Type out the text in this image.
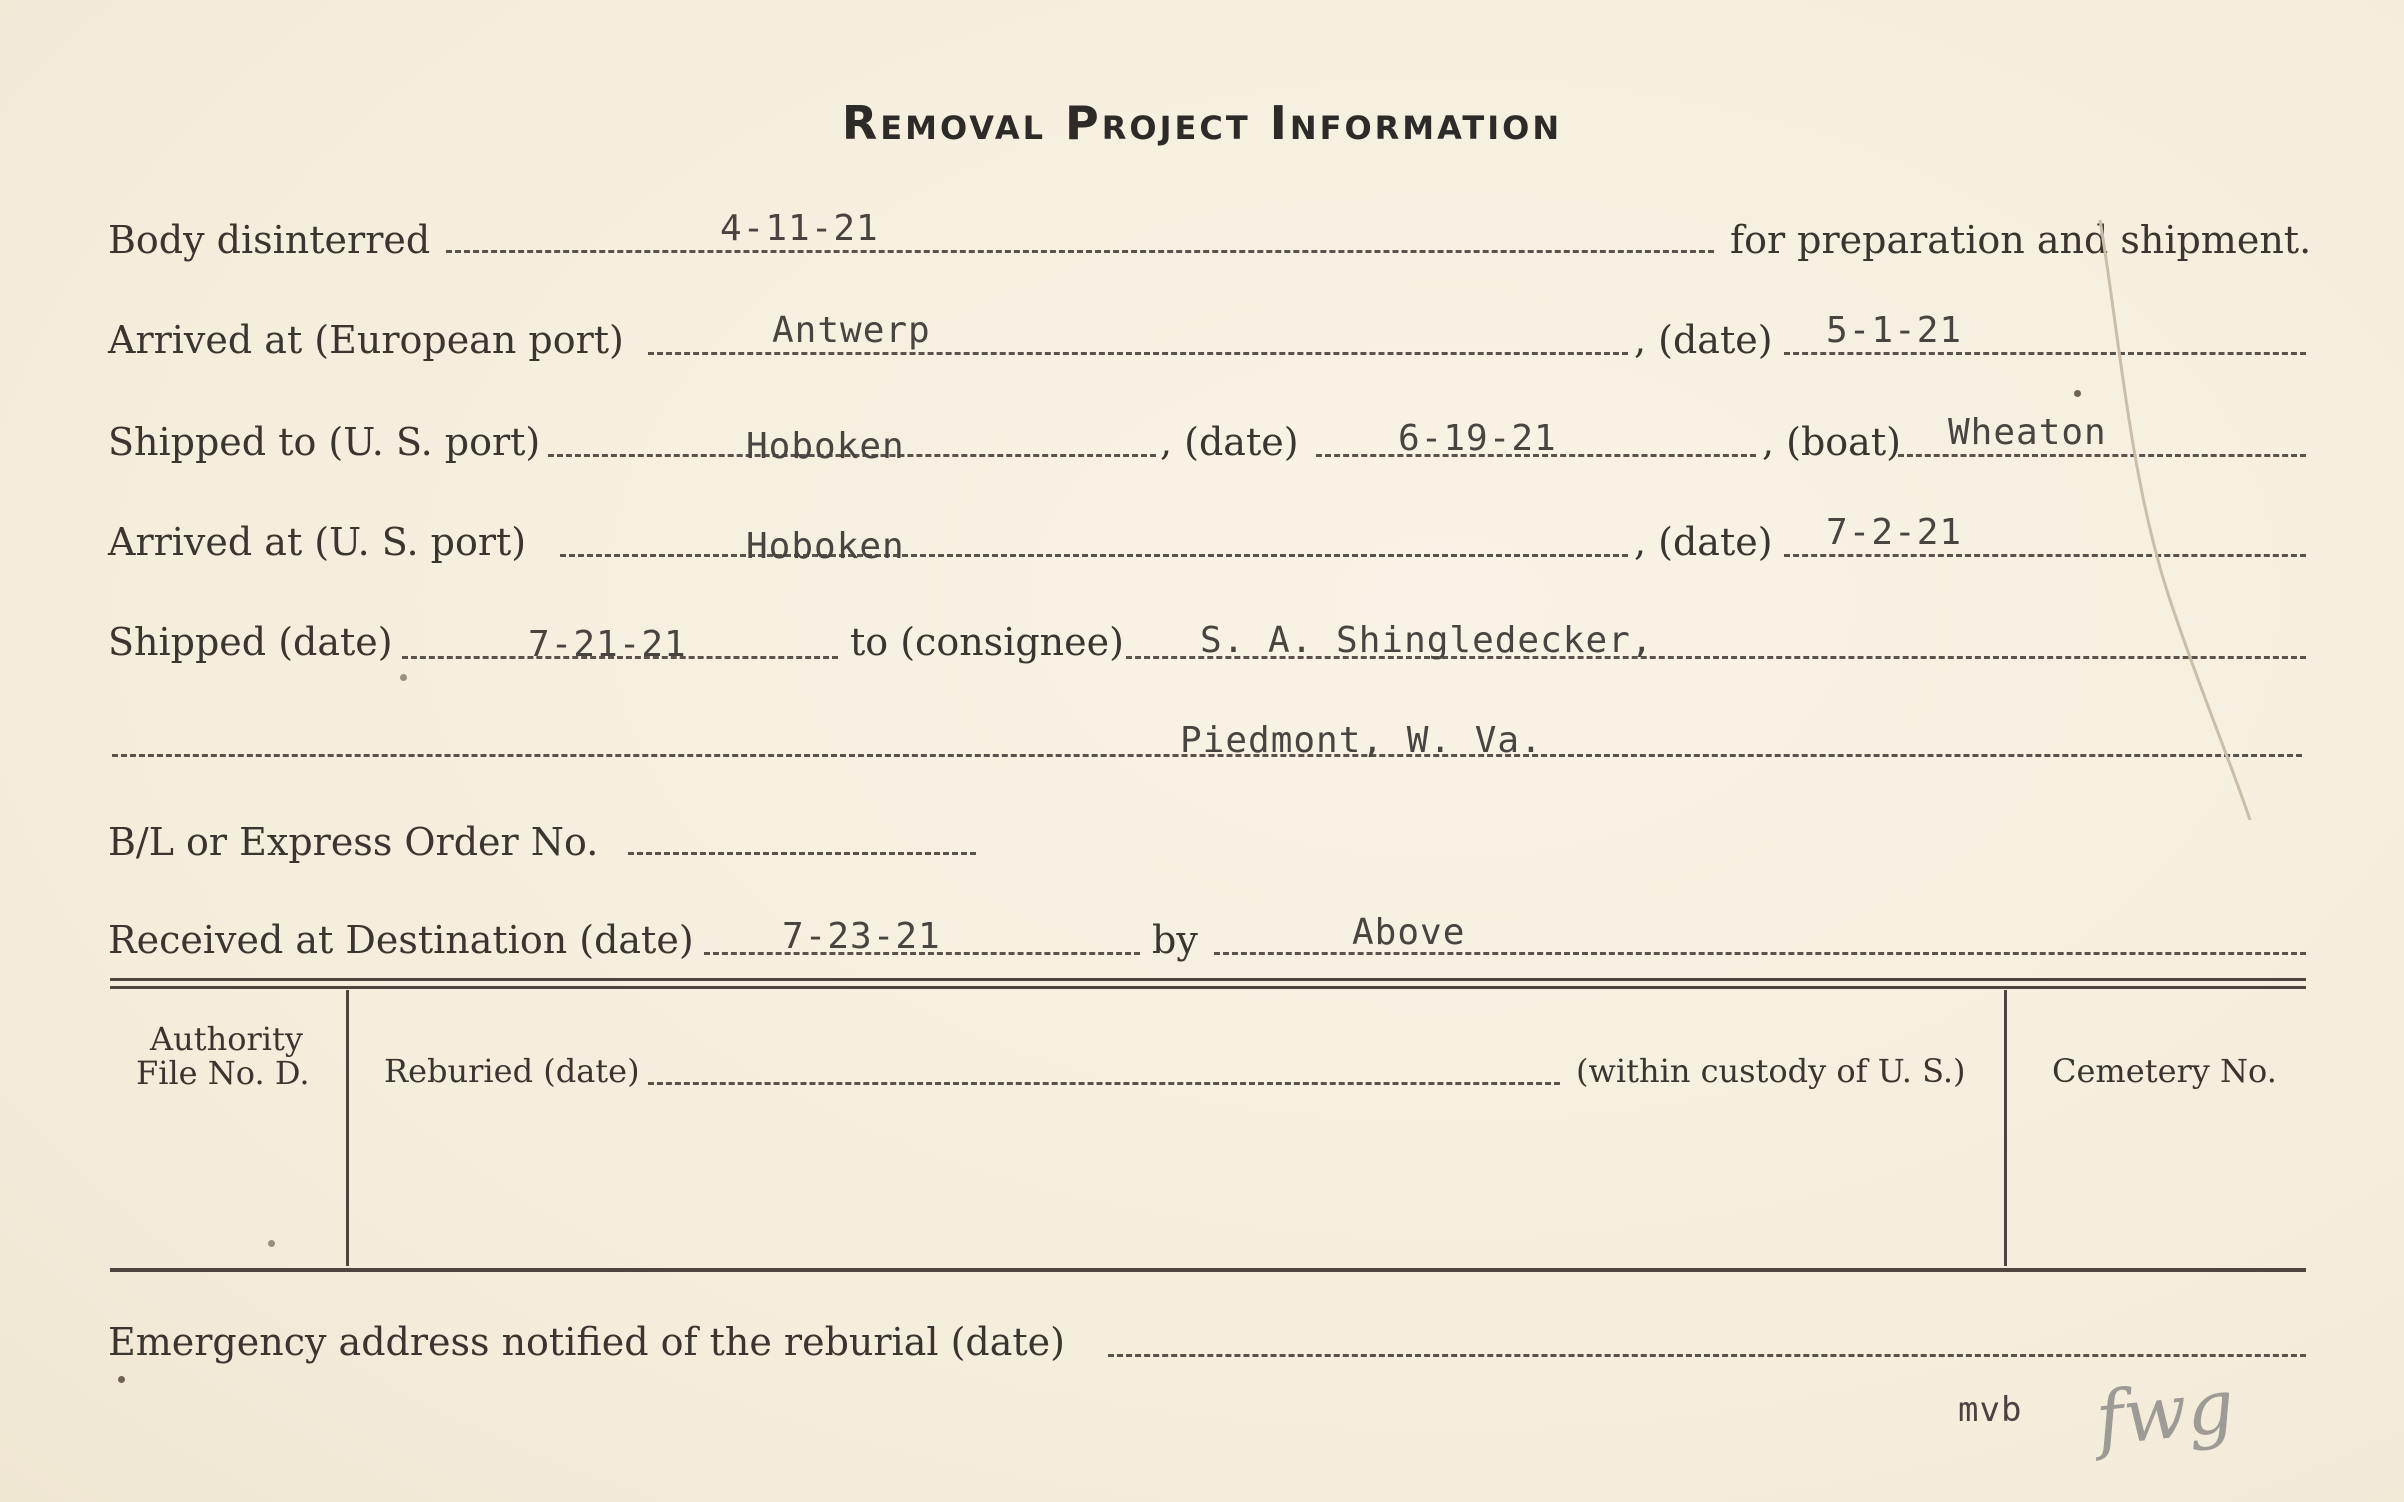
Removal Project Information
Body disinterred	4-11-21	for preparation and shipment.
Arrived at (European port)	Antwerp	, (date) 5-1-21
Shipped to (U. S. port)	Hoboken	, (date)	6-19-21	, (boat) Wheaton
Arrived at (U. S. port)	Hoboken	, (date) 7-2-21
Shipped (date)	7-21-21	to (consignee) S. A. Shingledecker,
Piedmont, W. Va.
B/L or Express Order No.
Received at Destination (date) 7-23-21	by	Above
Authority
File No. D. Reburied (date)	(within custody of U. S.)	Cemetery No.
Emergency address notified of the reburial (date)
mvb fwg
